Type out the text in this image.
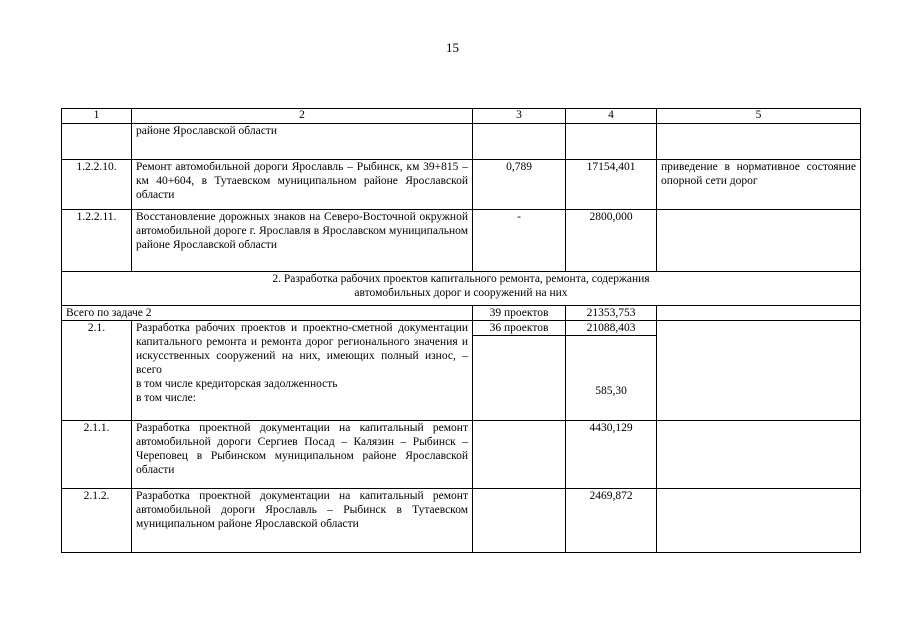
15
1	2	3	4	5
	районе Ярославской области			
1.2.2.10.	Ремонт автомобильной дороги Ярославль – Рыбинск, км 39+815 – км 40+604, в Тутаевском муниципальном районе Ярославской области	0,789	17154,401	приведение в нормативное состояние опорной сети дорог
1.2.2.11.	Восстановление дорожных знаков на Северо-Восточной окружной автомобильной дороге г. Ярославля в Ярославском муниципальном районе Ярославской области	-	2800,000	

2. Разработка рабочих проектов капитального ремонта, ремонта, содержания
автомобильных дорог и сооружений на них				

Всего по задаче 2		39 проектов	21353,753	
2.1.	Разработка рабочих проектов и проектно-сметной документации капитального ремонта и ремонта дорог регионального значения и искусственных сооружений на них, имеющих полный износ, – всего
в том числе кредиторская задолженность
в том числе:	36 проектов	21088,403	
			585,30	
2.1.1.	Разработка проектной документации на капитальный ремонт автомобильной дороги Сергиев Посад – Калязин – Рыбинск – Череповец в Рыбинском муниципальном районе Ярославской области		4430,129	
2.1.2.	Разработка проектной документации на капитальный ремонт автомобильной дороги Ярославль – Рыбинск в Тутаевском муниципальном районе Ярославской области		2469,872	
